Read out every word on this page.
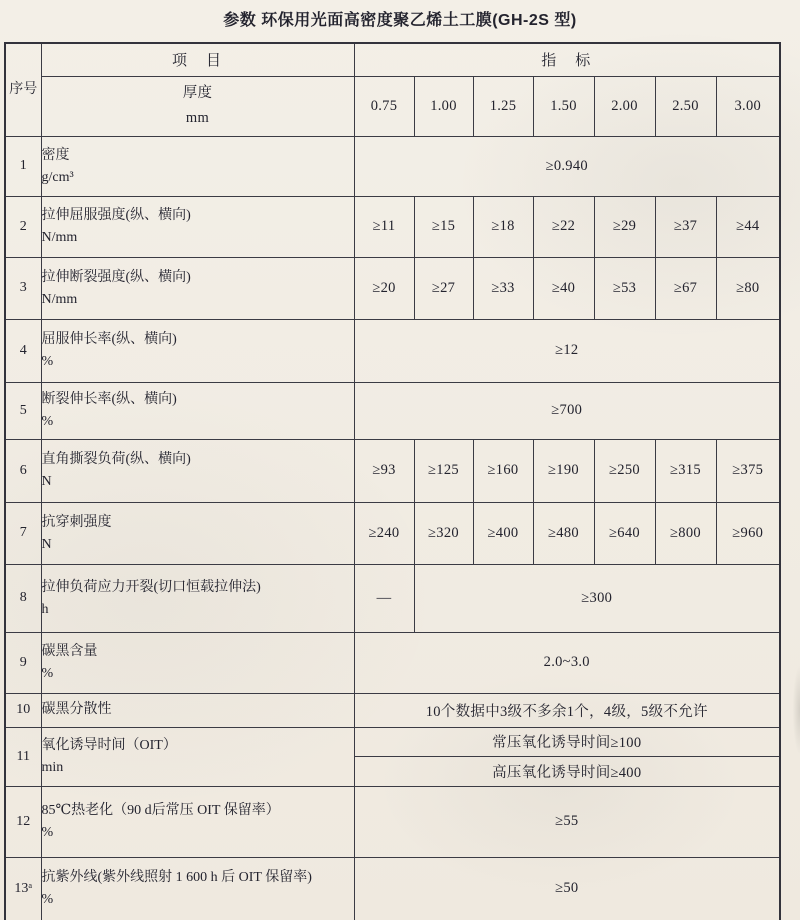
参数 环保用光面高密度聚乙烯土工膜(GH-2S 型)
序号	项　目	指　标						

	厚度
mm	0.75	1.00	1.25	1.50	2.00	2.50	3.00
1	密度
g/cm³	≥0.940						
2	拉伸屈服强度(纵、横向)
N/mm	≥11	≥15	≥18	≥22	≥29	≥37	≥44
3	拉伸断裂强度(纵、横向)
N/mm	≥20	≥27	≥33	≥40	≥53	≥67	≥80
4	屈服伸长率(纵、横向)
%	≥12						
5	断裂伸长率(纵、横向)
%	≥700						
6	直角撕裂负荷(纵、横向)
N	≥93	≥125	≥160	≥190	≥250	≥315	≥375
7	抗穿刺强度
N	≥240	≥320	≥400	≥480	≥640	≥800	≥960
8	拉伸负荷应力开裂(切口恒载拉伸法)
h	—	≥300					
9	碳黑含量
%	2.0~3.0						
10	碳黑分散性	10个数据中3级不多余1个，4级，5级不允许						
11	氧化诱导时间（OIT）
min	常压氧化诱导时间≥100						
		高压氧化诱导时间≥400						
12	85℃热老化（90 d后常压 OIT 保留率）
%	≥55						
13ᵃ	抗紫外线(紫外线照射 1 600 h 后 OIT 保留率)
%	≥50						
